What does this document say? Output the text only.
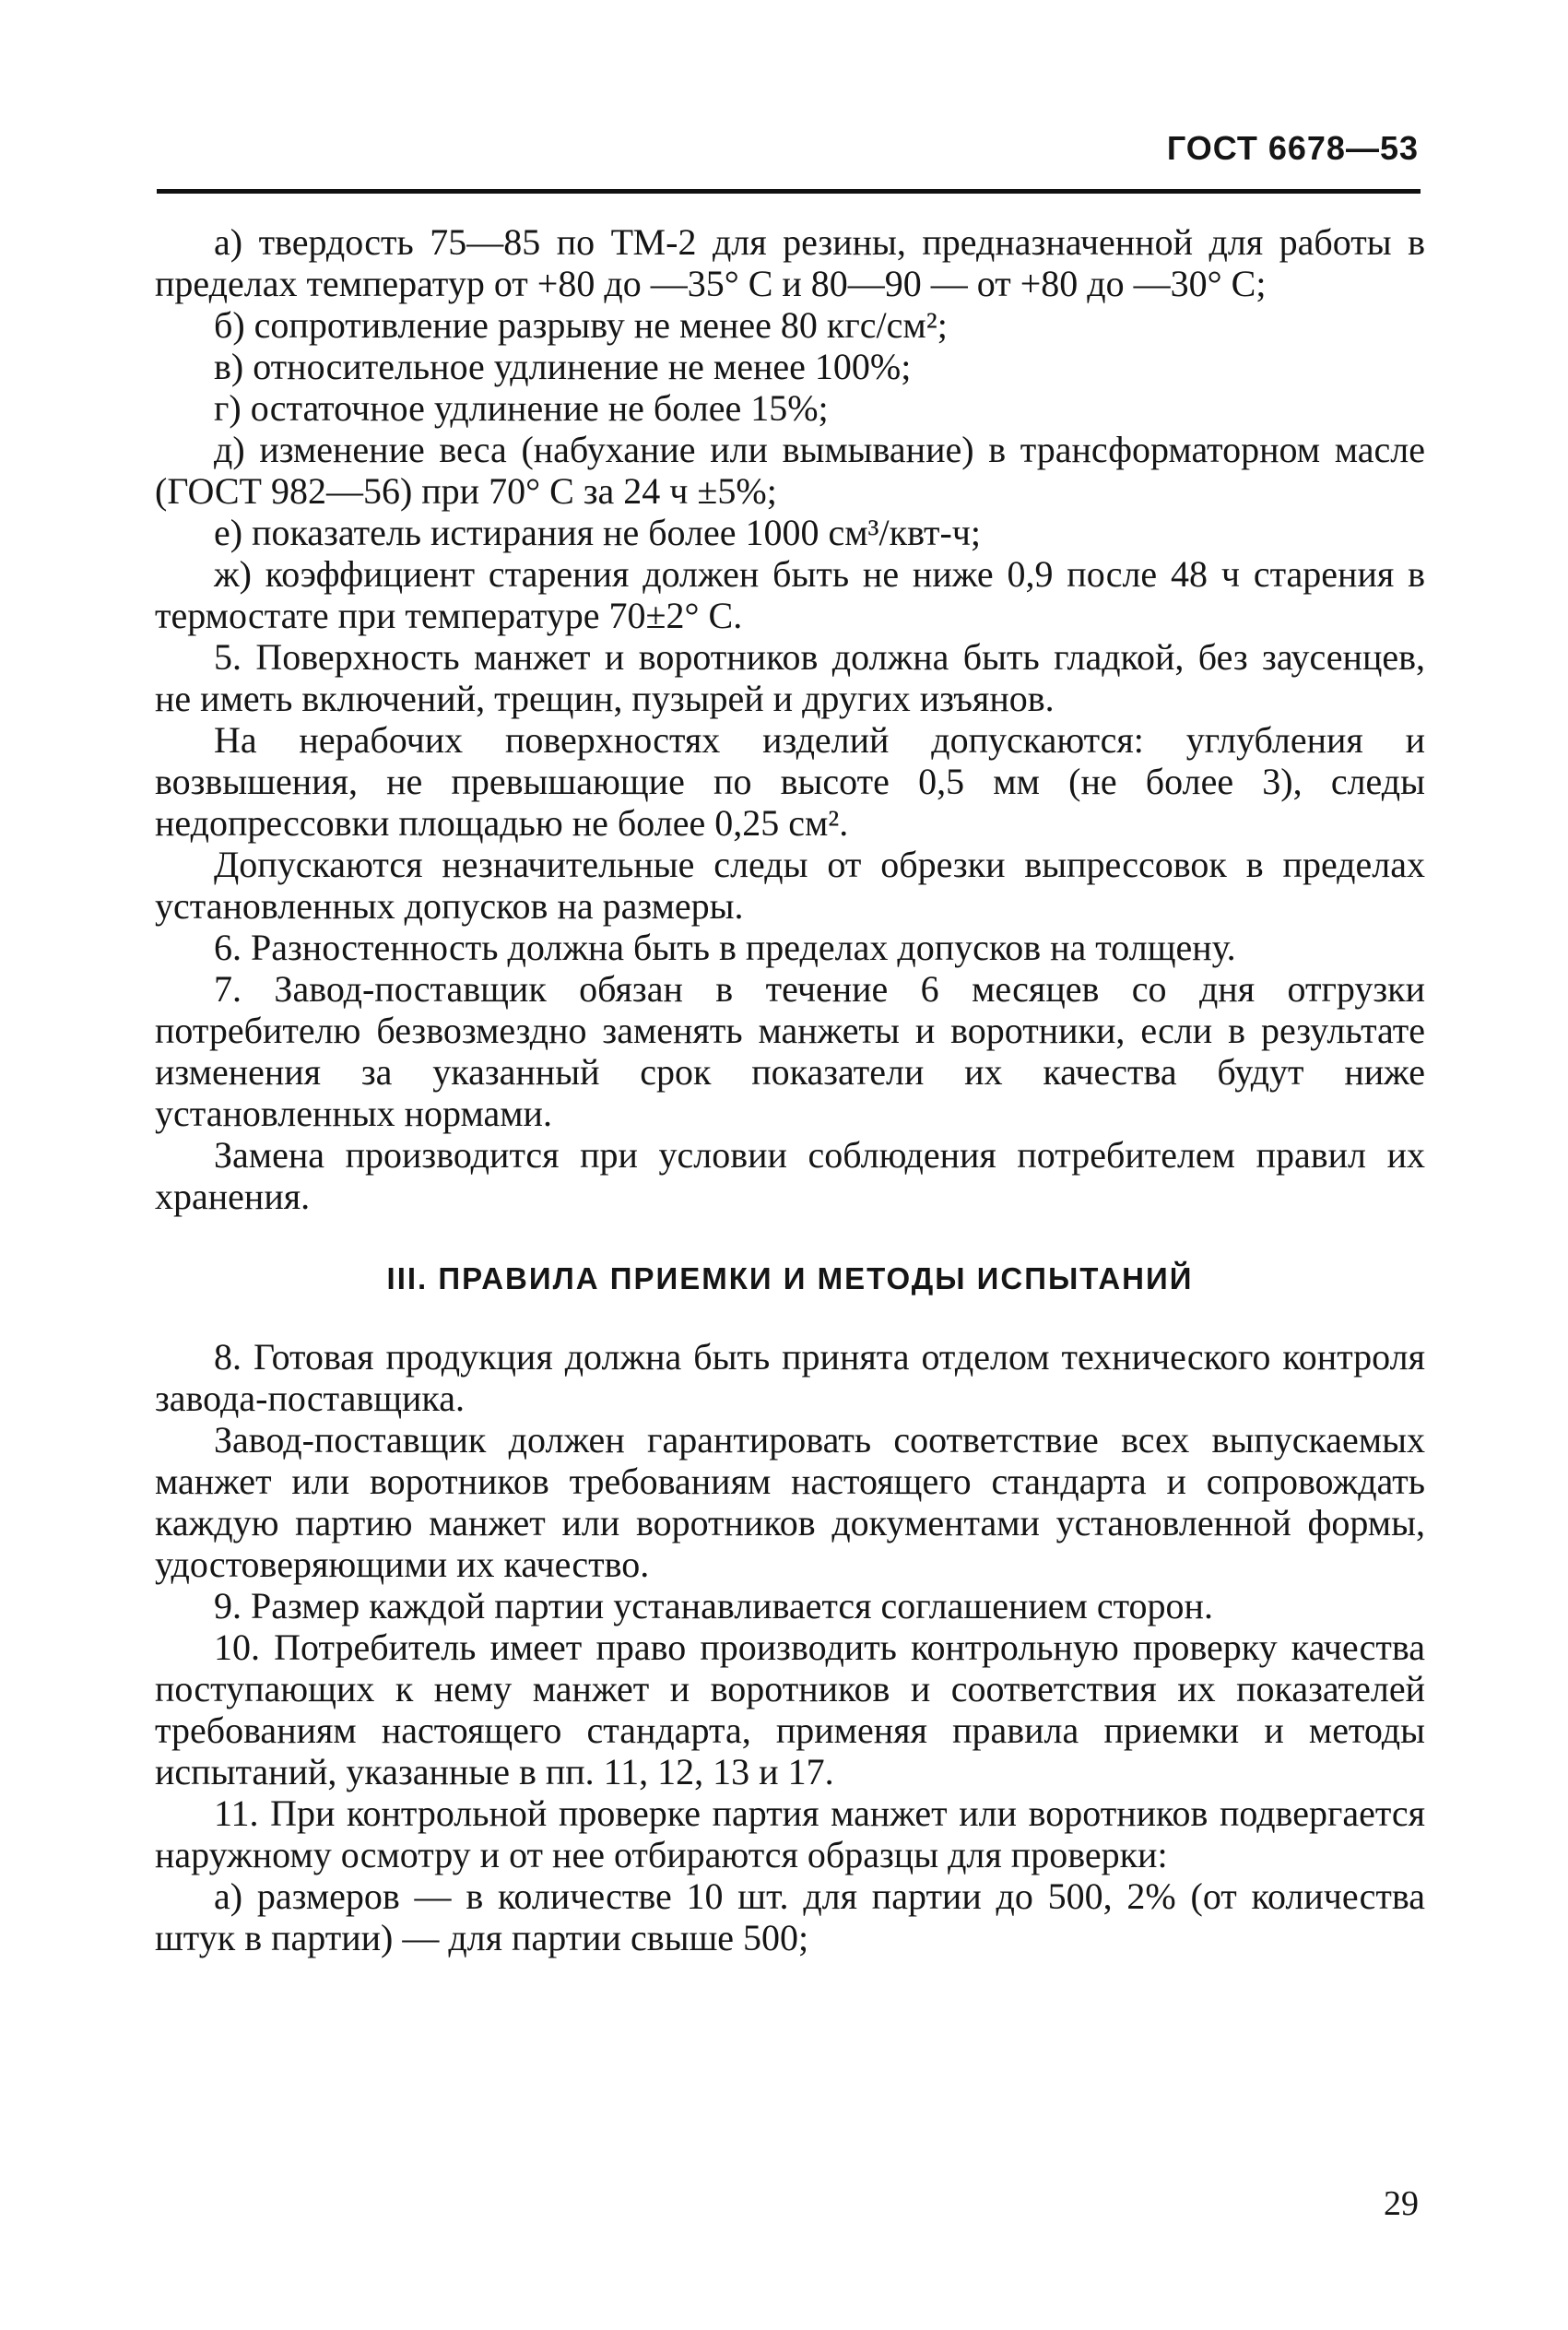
ГОСТ 6678—53

а) твердость 75—85 по ТМ-2 для резины, предназначенной для работы в пределах температур от +80 до —35° С и 80—90 — от +80 до —30° С;

б) сопротивление разрыву не менее 80 кгс/см²;

в) относительное удлинение не менее 100%;

г) остаточное удлинение не более 15%;

д) изменение веса (набухание или вымывание) в трансформаторном масле (ГОСТ 982—56) при 70° С за 24 ч ±5%;

е) показатель истирания не более 1000 см³/квт-ч;

ж) коэффициент старения должен быть не ниже 0,9 после 48 ч старения в термостате при температуре 70±2° С.

5. Поверхность манжет и воротников должна быть гладкой, без заусенцев, не иметь включений, трещин, пузырей и других изъянов.

На нерабочих поверхностях изделий допускаются: углубления и возвышения, не превышающие по высоте 0,5 мм (не более 3), следы недопрессовки площадью не более 0,25 см².

Допускаются незначительные следы от обрезки выпрессовок в пределах установленных допусков на размеры.

6. Разностенность должна быть в пределах допусков на толщену.

7. Завод-поставщик обязан в течение 6 месяцев со дня отгрузки потребителю безвозмездно заменять манжеты и воротники, если в результате изменения за указанный срок показатели их качества будут ниже установленных нормами.

Замена производится при условии соблюдения потребителем правил их хранения.

III. ПРАВИЛА ПРИЕМКИ И МЕТОДЫ ИСПЫТАНИЙ

8. Готовая продукция должна быть принята отделом технического контроля завода-поставщика.

Завод-поставщик должен гарантировать соответствие всех выпускаемых манжет или воротников требованиям настоящего стандарта и сопровождать каждую партию манжет или воротников документами установленной формы, удостоверяющими их качество.

9. Размер каждой партии устанавливается соглашением сторон.

10. Потребитель имеет право производить контрольную проверку качества поступающих к нему манжет и воротников и соответствия их показателей требованиям настоящего стандарта, применяя правила приемки и методы испытаний, указанные в пп. 11, 12, 13 и 17.

11. При контрольной проверке партия манжет или воротников подвергается наружному осмотру и от нее отбираются образцы для проверки:

а) размеров — в количестве 10 шт. для партии до 500, 2% (от количества штук в партии) — для партии свыше 500;

29
